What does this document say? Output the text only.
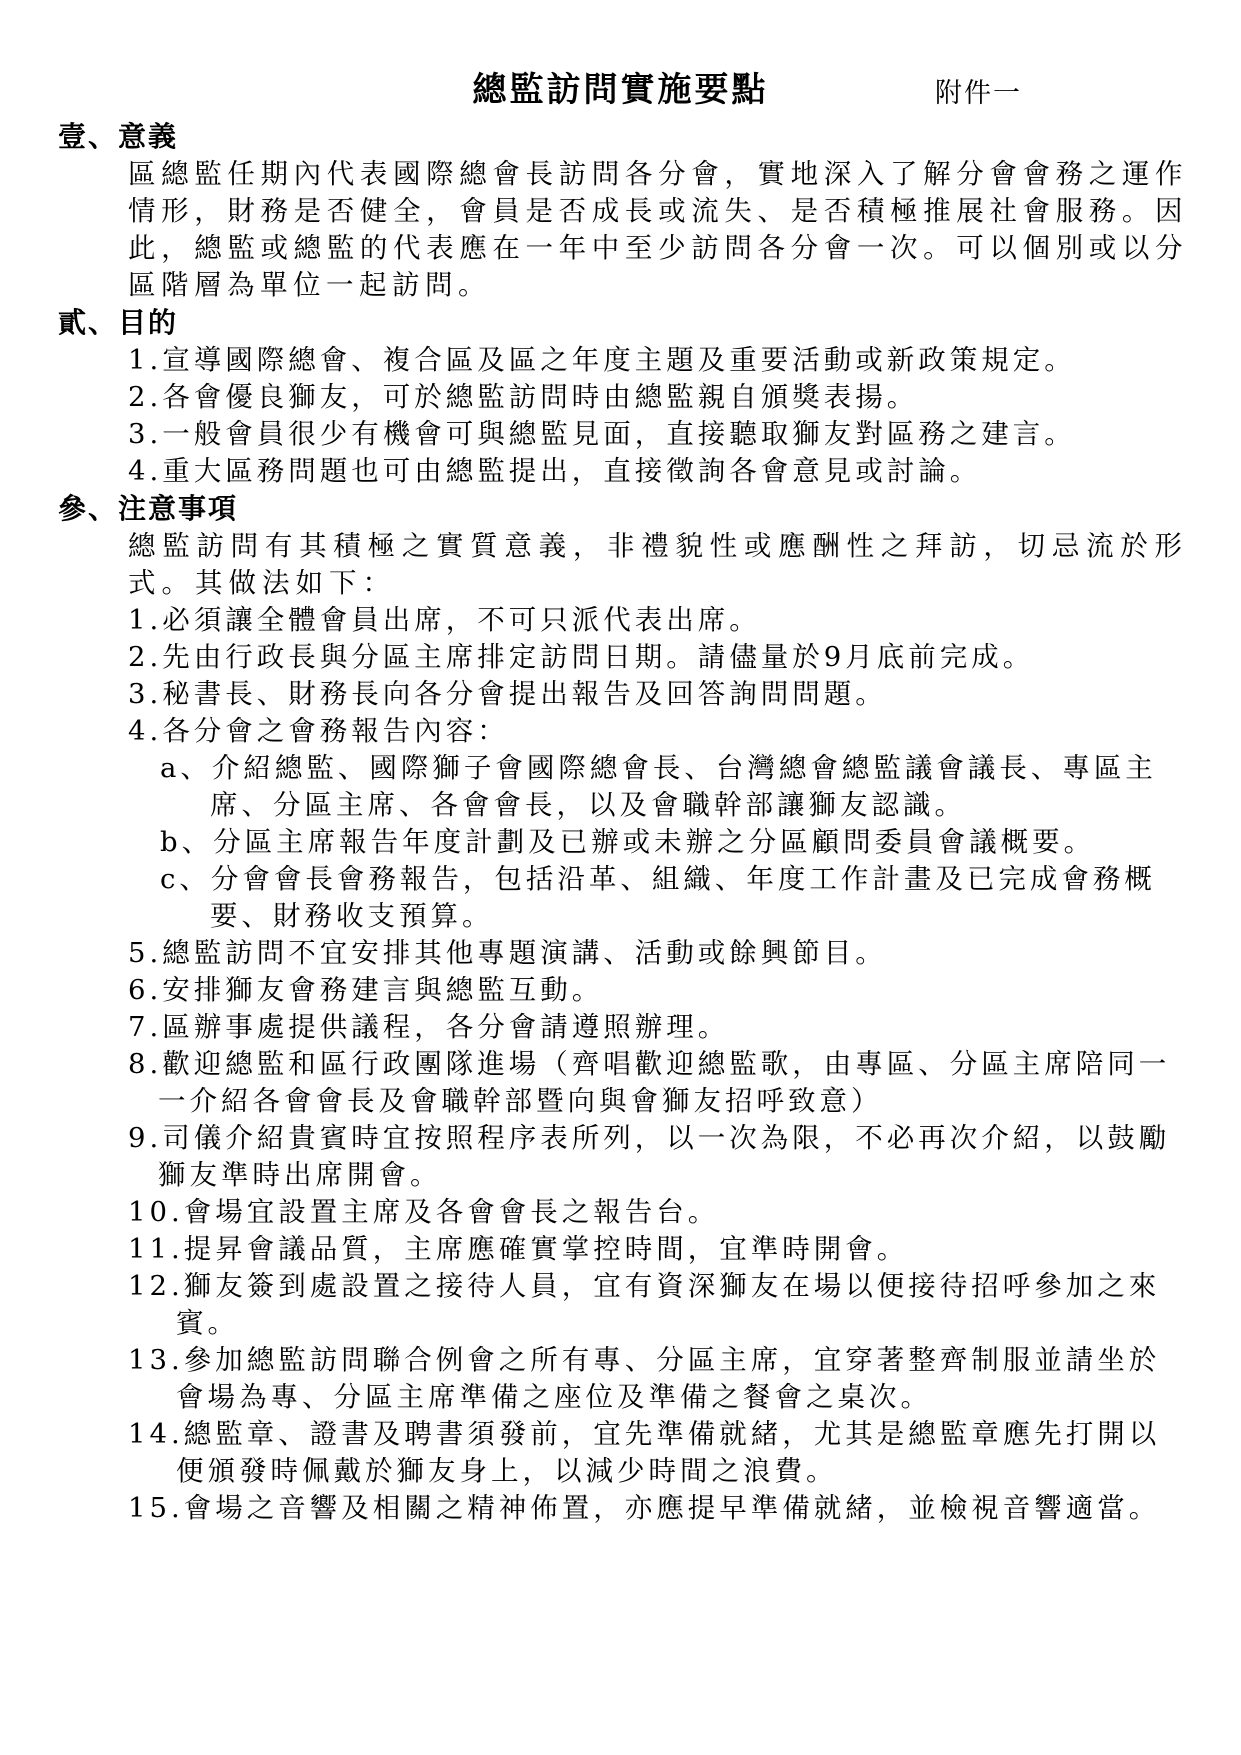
總監訪問實施要點	附件一
壹、意義
區總監任期內代表國際總會長訪問各分會，實地深入了解分會會務之運作情形，財務是否健全，會員是否成長或流失、是否積極推展社會服務。因此，總監或總監的代表應在一年中至少訪問各分會一次。可以個別或以分區階層為單位一起訪問。
貳、目的
1.宣導國際總會、複合區及區之年度主題及重要活動或新政策規定。
2.各會優良獅友，可於總監訪問時由總監親自頒獎表揚。
3.一般會員很少有機會可與總監見面，直接聽取獅友對區務之建言。
4.重大區務問題也可由總監提出，直接徵詢各會意見或討論。
參、注意事項
總監訪問有其積極之實質意義，非禮貌性或應酬性之拜訪，切忌流於形式。其做法如下：
1.必須讓全體會員出席，不可只派代表出席。
2.先由行政長與分區主席排定訪問日期。請儘量於9月底前完成。
3.秘書長、財務長向各分會提出報告及回答詢問問題。
4.各分會之會務報告內容：
a、介紹總監、國際獅子會國際總會長、台灣總會總監議會議長、專區主席、分區主席、各會會長，以及會職幹部讓獅友認識。
b、分區主席報告年度計劃及已辦或未辦之分區顧問委員會議概要。
c、分會會長會務報告，包括沿革、組織、年度工作計畫及已完成會務概要、財務收支預算。
5.總監訪問不宜安排其他專題演講、活動或餘興節目。
6.安排獅友會務建言與總監互動。
7.區辦事處提供議程，各分會請遵照辦理。
8.歡迎總監和區行政團隊進場（齊唱歡迎總監歌，由專區、分區主席陪同一一介紹各會會長及會職幹部暨向與會獅友招呼致意）
9.司儀介紹貴賓時宜按照程序表所列，以一次為限，不必再次介紹，以鼓勵獅友準時出席開會。
10.會場宜設置主席及各會會長之報告台。
11.提昇會議品質，主席應確實掌控時間，宜準時開會。
12.獅友簽到處設置之接待人員，宜有資深獅友在場以便接待招呼參加之來賓。
13.參加總監訪問聯合例會之所有專、分區主席，宜穿著整齊制服並請坐於會場為專、分區主席準備之座位及準備之餐會之桌次。
14.總監章、證書及聘書須發前，宜先準備就緒，尤其是總監章應先打開以便頒發時佩戴於獅友身上，以減少時間之浪費。
15.會場之音響及相關之精神佈置，亦應提早準備就緒，並檢視音響適當。
